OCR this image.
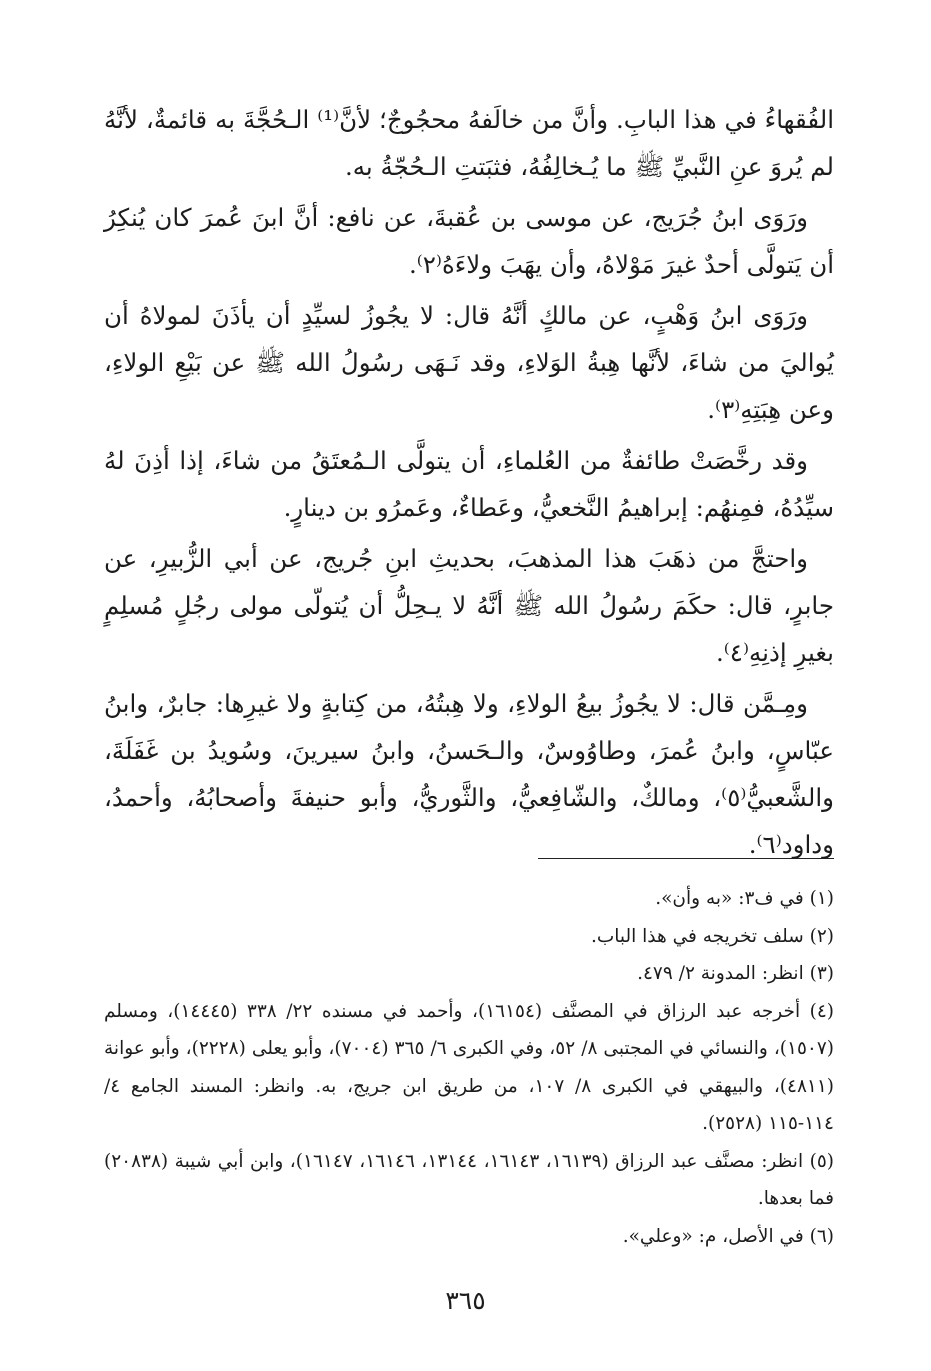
الفُقهاءُ في هذا البابِ. وأنَّ من خالَفهُ محجُوجٌ؛ لأنَّ⁽¹⁾ الـحُجَّةَ به قائمةٌ، لأنَّهُ لم يُروَ عنِ النَّبيِّ ﷺ ما يُـخالِفُهُ، فثبَتتِ الـحُجّةُ به.

ورَوَى ابنُ جُرَيج، عن موسى بن عُقبةَ، عن نافع: أنَّ ابنَ عُمرَ كان يُنكِرُ أن يَتولَّى أحدٌ غيرَ مَوْلاهُ، وأن يهَبَ ولاءَهُ⁽٢⁾.

ورَوَى ابنُ وَهْبٍ، عن مالكٍ أنَّهُ قال: لا يجُوزُ لسيِّدٍ أن يأذَنَ لمولاهُ أن يُواليَ من شاءَ، لأنَّها هِبةُ الوَلاءِ، وقد نَـهَى رسُولُ الله ﷺ عن بَيْعِ الولاءِ، وعن هِبَتِهِ⁽٣⁾.

وقد رخَّصَتْ طائفةٌ من العُلماءِ، أن يتولَّى الـمُعتَقُ من شاءَ، إذا أذِنَ لهُ سيِّدُهُ، فمِنهُم: إبراهيمُ النَّخعيُّ، وعَطاءٌ، وعَمرُو بن دينارٍ.

واحتجَّ من ذهَبَ هذا المذهبَ، بحديثِ ابنِ جُريج، عن أبي الزُّبيرِ، عن جابرٍ، قال: حكَمَ رسُولُ الله ﷺ أنَّهُ لا يـحِلُّ أن يُتولّى مولى رجُلٍ مُسلِمٍ بغيرِ إذنِهِ⁽٤⁾.

ومِـمَّن قال: لا يجُوزُ بيعُ الولاءِ، ولا هِبتُهُ، من كِتابةٍ ولا غيرِها: جابرٌ، وابنُ عبّاسٍ، وابنُ عُمرَ، وطاوُوسٌ، والـحَسنُ، وابنُ سيرينَ، وسُويدُ بن غَفَلَةَ، والشَّعبيُّ⁽٥⁾، ومالكٌ، والشّافِعيُّ، والثَّوريُّ، وأبو حنيفةَ وأصحابُهُ، وأحمدُ، وداود⁽٦⁾.

(١) في ف٣: «به وأن».

(٢) سلف تخريجه في هذا الباب.

(٣) انظر: المدونة ٢/ ٤٧٩.

(٤) أخرجه عبد الرزاق في المصنَّف (١٦١٥٤)، وأحمد في مسنده ٢٢/ ٣٣٨ (١٤٤٤٥)، ومسلم (١٥٠٧)، والنسائي في المجتبى ٨/ ٥٢، وفي الكبرى ٦/ ٣٦٥ (٧٠٠٤)، وأبو يعلى (٢٢٢٨)، وأبو عوانة (٤٨١١)، والبيهقي في الكبرى ٨/ ١٠٧، من طريق ابن جريج، به. وانظر: المسند الجامع ٤/ ١١٤-١١٥ (٢٥٢٨).

(٥) انظر: مصنَّف عبد الرزاق (١٦١٣٩، ١٦١٤٣، ١٣١٤٤، ١٦١٤٦، ١٦١٤٧)، وابن أبي شيبة (٢٠٨٣٨) فما بعدها.

(٦) في الأصل، م: «وعلي».

٣٦٥
